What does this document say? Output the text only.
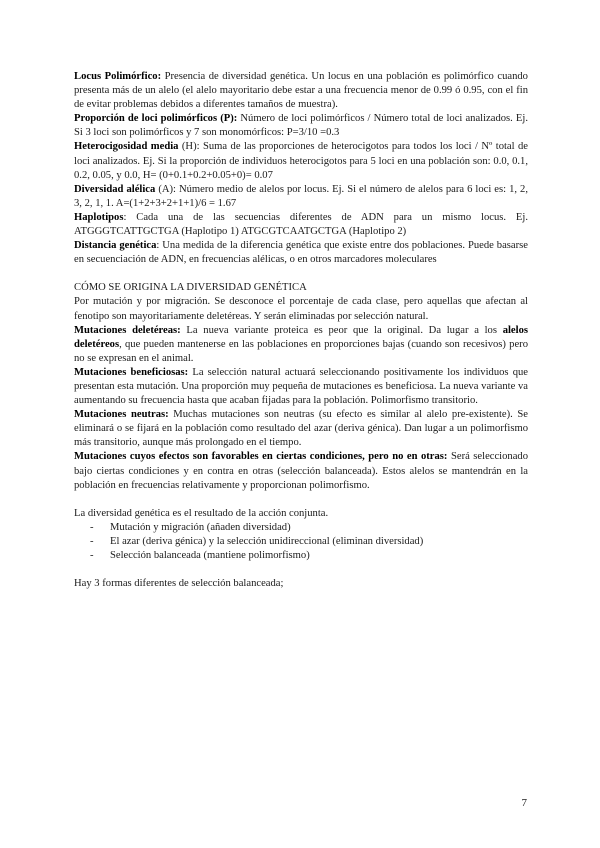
Locus Polimórfico: Presencia de diversidad genética. Un locus en una población es polimórfico cuando presenta más de un alelo (el alelo mayoritario debe estar a una frecuencia menor de 0.99 ó 0.95, con el fin de evitar problemas debidos a diferentes tamaños de muestra).

Proporción de loci polimórficos (P): Número de loci polimórficos / Número total de loci analizados. Ej. Si 3 loci son polimórficos y 7 son monomórficos: P=3/10 =0.3

Heterocigosidad media (H): Suma de las proporciones de heterocigotos para todos los loci / Nº total de loci analizados. Ej. Si la proporción de individuos heterocigotos para 5 loci en una población son: 0.0, 0.1, 0.2, 0.05, y 0.0, H= (0+0.1+0.2+0.05+0)= 0.07

Diversidad alélica (A): Número medio de alelos por locus. Ej. Si el número de alelos para 6 loci es: 1, 2, 3, 2, 1, 1. A=(1+2+3+2+1+1)/6 = 1.67

Haplotipos: Cada una de las secuencias diferentes de ADN para un mismo locus. Ej. ATGGGTCATTGCTGA (Haplotipo 1) ATGCGTCAATGCTGA (Haplotipo 2)

Distancia genética: Una medida de la diferencia genética que existe entre dos poblaciones. Puede basarse en secuenciación de ADN, en frecuencias alélicas, o en otros marcadores moleculares

CÓMO SE ORIGINA LA DIVERSIDAD GENÉTICA

Por mutación y por migración. Se desconoce el porcentaje de cada clase, pero aquellas que afectan al fenotipo son mayoritariamente deletéreas. Y serán eliminadas por selección natural.

Mutaciones deletéreas: La nueva variante proteica es peor que la original. Da lugar a los alelos deletéreos, que pueden mantenerse en las poblaciones en proporciones bajas (cuando son recesivos) pero no se expresan en el animal.

Mutaciones beneficiosas: La selección natural actuará seleccionando positivamente los individuos que presentan esta mutación. Una proporción muy pequeña de mutaciones es beneficiosa. La nueva variante va aumentando su frecuencia hasta que acaban fijadas para la población. Polimorfismo transitorio.

Mutaciones neutras: Muchas mutaciones son neutras (su efecto es similar al alelo pre-existente). Se eliminará o se fijará en la población como resultado del azar (deriva génica). Dan lugar a un polimorfismo más transitorio, aunque más prolongado en el tiempo.

Mutaciones cuyos efectos son favorables en ciertas condiciones, pero no en otras: Será seleccionado bajo ciertas condiciones y en contra en otras (selección balanceada). Estos alelos se mantendrán en la población en frecuencias relativamente y proporcionan polimorfismo.

La diversidad genética es el resultado de la acción conjunta.

- Mutación y migración (añaden diversidad)
- El azar (deriva génica) y la selección unidireccional (eliminan diversidad)
- Selección balanceada (mantiene polimorfismo)

Hay 3 formas diferentes de selección balanceada;

7
